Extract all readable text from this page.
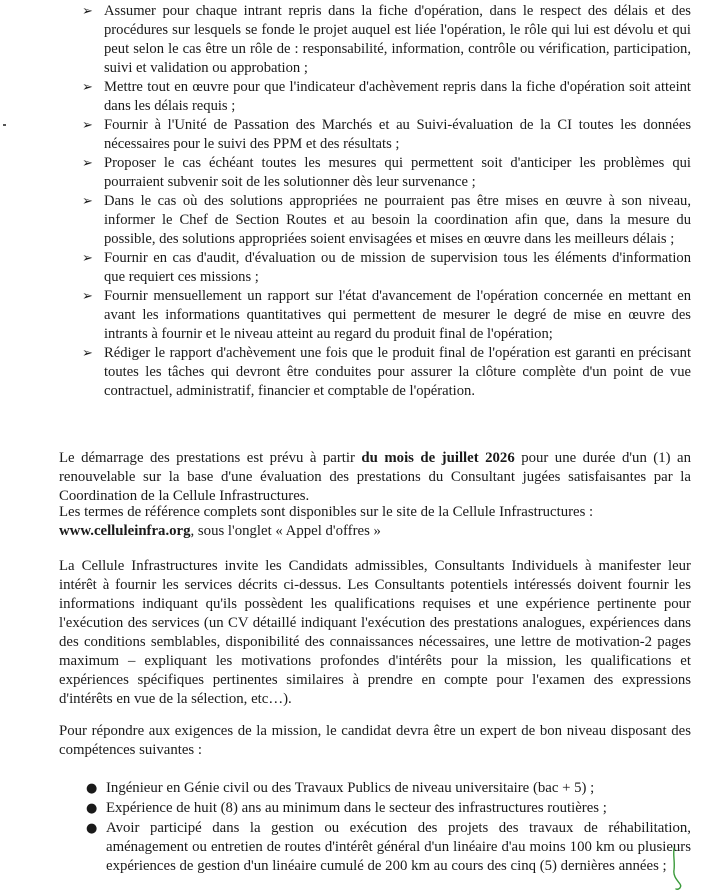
➢ Assumer pour chaque intrant repris dans la fiche d'opération, dans le respect des délais et des procédures sur lesquels se fonde le projet auquel est liée l'opération, le rôle qui lui est dévolu et qui peut selon le cas être un rôle de : responsabilité, information, contrôle ou vérification, participation, suivi et validation ou approbation ;
➢ Mettre tout en œuvre pour que l'indicateur d'achèvement repris dans la fiche d'opération soit atteint dans les délais requis ;
➢ Fournir à l'Unité de Passation des Marchés et au Suivi-évaluation de la CI toutes les données nécessaires pour le suivi des PPM et des résultats ;
➢ Proposer le cas échéant toutes les mesures qui permettent soit d'anticiper les problèmes qui pourraient subvenir soit de les solutionner dès leur survenance ;
➢ Dans le cas où des solutions appropriées ne pourraient pas être mises en œuvre à son niveau, informer le Chef de Section Routes et au besoin la coordination afin que, dans la mesure du possible, des solutions appropriées soient envisagées et mises en œuvre dans les meilleurs délais ;
➢ Fournir en cas d'audit, d'évaluation ou de mission de supervision tous les éléments d'information que requiert ces missions ;
➢ Fournir mensuellement un rapport sur l'état d'avancement de l'opération concernée en mettant en avant les informations quantitatives qui permettent de mesurer le degré de mise en œuvre des intrants à fournir et le niveau atteint au regard du produit final de l'opération;
➢ Rédiger le rapport d'achèvement une fois que le produit final de l'opération est garanti en précisant toutes les tâches qui devront être conduites pour assurer la clôture complète d'un point de vue contractuel, administratif, financier et comptable de l'opération.

Le démarrage des prestations est prévu à partir du mois de juillet 2026 pour une durée d'un (1) an renouvelable sur la base d'une évaluation des prestations du Consultant jugées satisfaisantes par la Coordination de la Cellule Infrastructures.

Les termes de référence complets sont disponibles sur le site de la Cellule Infrastructures :
www.celluleinfra.org, sous l'onglet « Appel d'offres »

La Cellule Infrastructures invite les Candidats admissibles, Consultants Individuels à manifester leur intérêt à fournir les services décrits ci-dessus. Les Consultants potentiels intéressés doivent fournir les informations indiquant qu'ils possèdent les qualifications requises et une expérience pertinente pour l'exécution des services (un CV détaillé indiquant l'exécution des prestations analogues, expériences dans des conditions semblables, disponibilité des connaissances nécessaires, une lettre de motivation-2 pages maximum – expliquant les motivations profondes d'intérêts pour la mission, les qualifications et expériences spécifiques pertinentes similaires à prendre en compte pour l'examen des expressions d'intérêts en vue de la sélection, etc…).

Pour répondre aux exigences de la mission, le candidat devra être un expert de bon niveau disposant des compétences suivantes :

● Ingénieur en Génie civil ou des Travaux Publics de niveau universitaire (bac + 5) ;
● Expérience de huit (8) ans au minimum dans le secteur des infrastructures routières ;
● Avoir participé dans la gestion ou exécution des projets des travaux de réhabilitation, aménagement ou entretien de routes d'intérêt général d'un linéaire d'au moins 100 km ou plusieurs expériences de gestion d'un linéaire cumulé de 200 km au cours des cinq (5) dernières années ;
